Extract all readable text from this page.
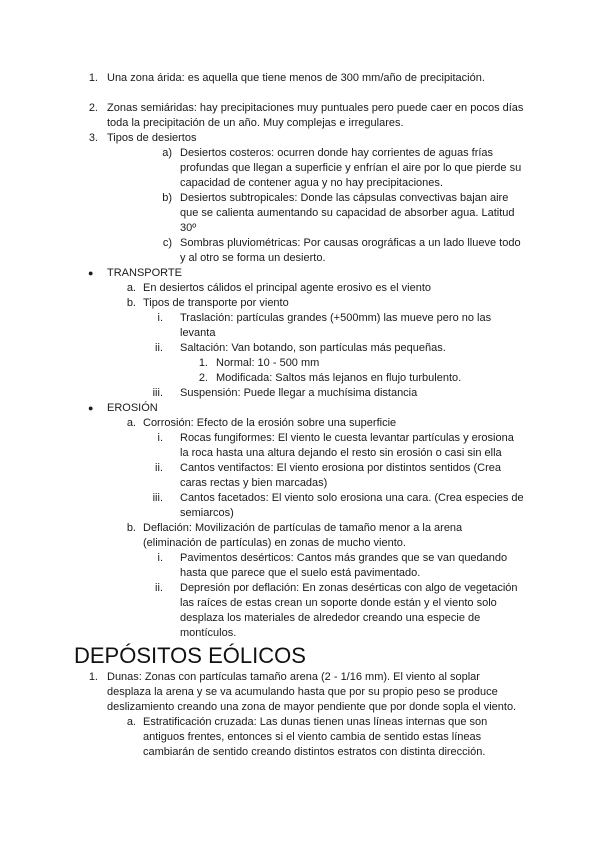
1. Una zona árida: es aquella que tiene menos de 300 mm/año de precipitación.
2. Zonas semiáridas: hay precipitaciones muy puntuales pero puede caer en pocos días
toda la precipitación de un año. Muy complejas e irregulares.
3. Tipos de desiertos
a) Desiertos costeros: ocurren donde hay corrientes de aguas frías
profundas que llegan a superficie y enfrían el aire por lo que pierde su
capacidad de contener agua y no hay precipitaciones.
b) Desiertos subtropicales: Donde las cápsulas convectivas bajan aire
que se calienta aumentando su capacidad de absorber agua. Latitud
30º
c) Sombras pluviométricas: Por causas orográficas a un lado llueve todo
y al otro se forma un desierto.
● TRANSPORTE
a. En desiertos cálidos el principal agente erosivo es el viento
b. Tipos de transporte por viento
i. Traslación: partículas grandes (+500mm) las mueve pero no las
levanta
ii. Saltación: Van botando, son partículas más pequeñas.
1. Normal: 10 - 500 mm
2. Modificada: Saltos más lejanos en flujo turbulento.
iii. Suspensión: Puede llegar a muchísima distancia
● EROSIÓN
a. Corrosión: Efecto de la erosión sobre una superficie
i. Rocas fungiformes: El viento le cuesta levantar partículas y erosiona
la roca hasta una altura dejando el resto sin erosión o casi sin ella
ii. Cantos ventifactos: El viento erosiona por distintos sentidos (Crea
caras rectas y bien marcadas)
iii. Cantos facetados: El viento solo erosiona una cara. (Crea especies de
semiarcos)
b. Deflación: Movilización de partículas de tamaño menor a la arena
(eliminación de partículas) en zonas de mucho viento.
i. Pavimentos desérticos: Cantos más grandes que se van quedando
hasta que parece que el suelo está pavimentado.
ii. Depresión por deflación: En zonas desérticas con algo de vegetación
las raíces de estas crean un soporte donde están y el viento solo
desplaza los materiales de alrededor creando una especie de
montículos.
DEPÓSITOS EÓLICOS
1. Dunas: Zonas con partículas tamaño arena (2 - 1/16 mm). El viento al soplar
desplaza la arena y se va acumulando hasta que por su propio peso se produce
deslizamiento creando una zona de mayor pendiente que por donde sopla el viento.
a. Estratificación cruzada: Las dunas tienen unas líneas internas que son
antiguos frentes, entonces si el viento cambia de sentido estas líneas
cambiarán de sentido creando distintos estratos con distinta dirección.
